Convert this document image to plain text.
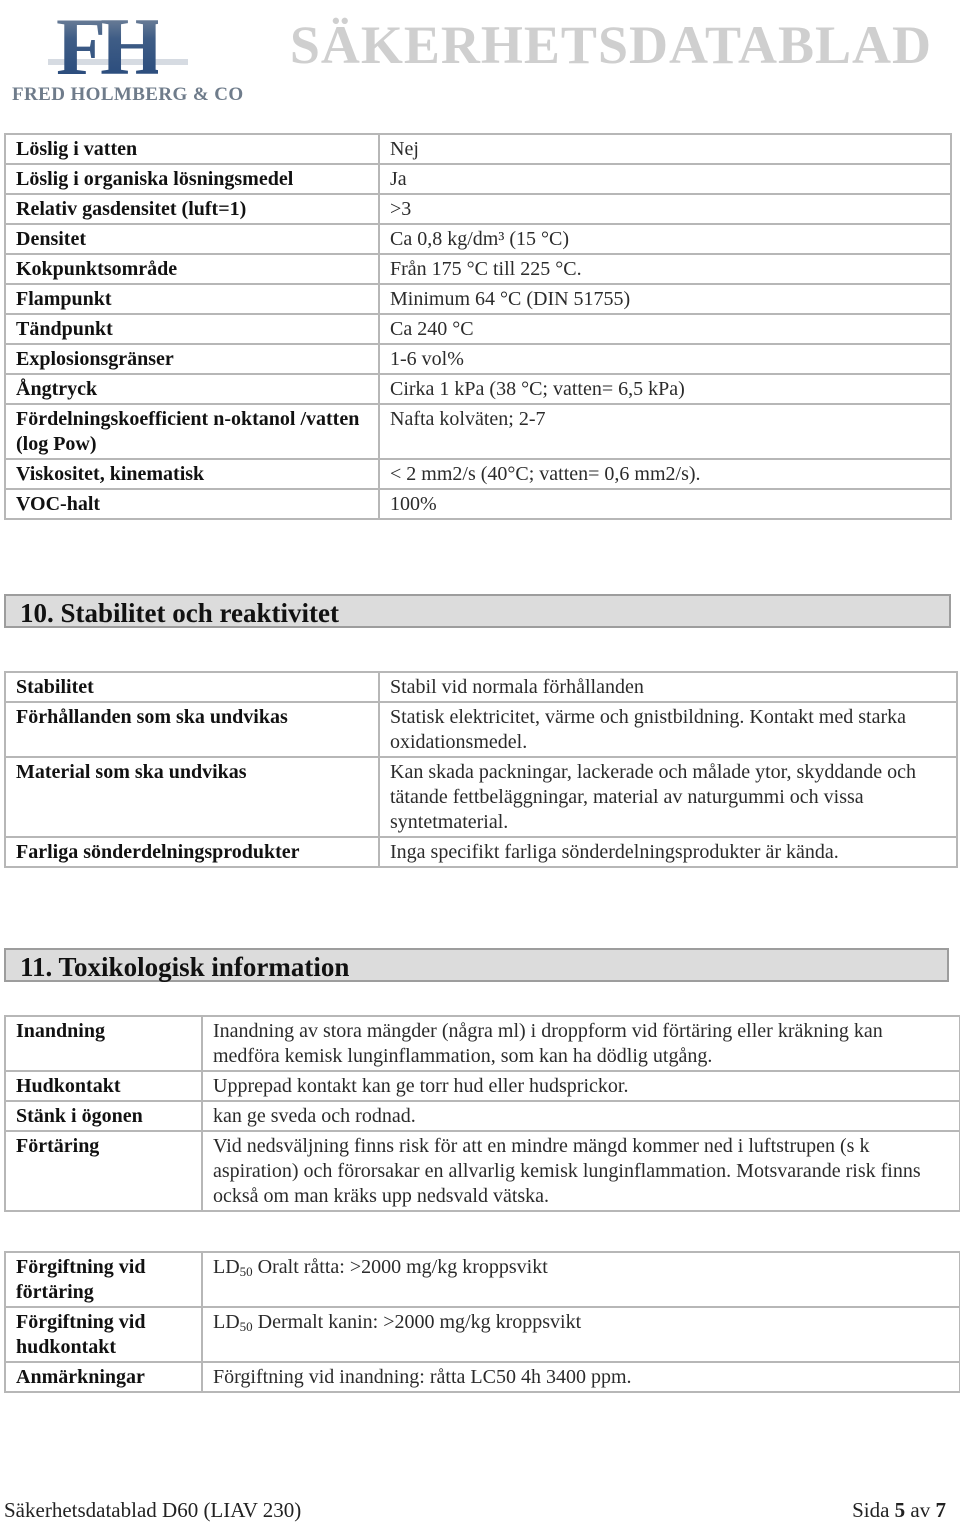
FH
FRED HOLMBERG & CO
SÄKERHETSDATABLAD
Löslig i vatten	Nej
Löslig i organiska lösningsmedel	Ja
Relativ gasdensitet (luft=1)	>3
Densitet	Ca 0,8 kg/dm³ (15 °C)
Kokpunktsområde	Från 175 °C till 225 °C.
Flampunkt	Minimum 64 °C (DIN 51755)
Tändpunkt	Ca 240 °C
Explosionsgränser	1-6 vol%
Ångtryck	Cirka 1 kPa (38 °C; vatten= 6,5 kPa)
Fördelningskoefficient n-oktanol /vatten (log Pow)	Nafta kolväten; 2-7
Viskositet, kinematisk	< 2 mm2/s (40°C; vatten= 0,6 mm2/s).
VOC-halt	100%
10. Stabilitet och reaktivitet
Stabilitet	Stabil vid normala förhållanden
Förhållanden som ska undvikas	Statisk elektricitet, värme och gnistbildning. Kontakt med starka oxidationsmedel.
Material som ska undvikas	Kan skada packningar, lackerade och målade ytor, skyddande och tätande fettbeläggningar, material av naturgummi och vissa syntetmaterial.
Farliga sönderdelningsprodukter	Inga specifikt farliga sönderdelningsprodukter är kända.
11. Toxikologisk information
Inandning	Inandning av stora mängder (några ml) i droppform vid förtäring eller kräkning kan medföra kemisk lunginflammation, som kan ha dödlig utgång.
Hudkontakt	Upprepad kontakt kan ge torr hud eller hudsprickor.
Stänk i ögonen	kan ge sveda och rodnad.
Förtäring	Vid nedsväljning finns risk för att en mindre mängd kommer ned i luftstrupen (s k aspiration) och förorsakar en allvarlig kemisk lunginflammation. Motsvarande risk finns också om man kräks upp nedsvald vätska.
Förgiftning vid förtäring	$LD_{50}$ Oralt råtta: >2000 mg/kg kroppsvikt
Förgiftning vid hudkontakt	$LD_{50}$ Dermalt kanin: >2000 mg/kg kroppsvikt
Anmärkningar	Förgiftning vid inandning: råtta LC50 4h 3400 ppm.
Säkerhetsdatablad D60 (LIAV 230)	Sida 5 av 7
